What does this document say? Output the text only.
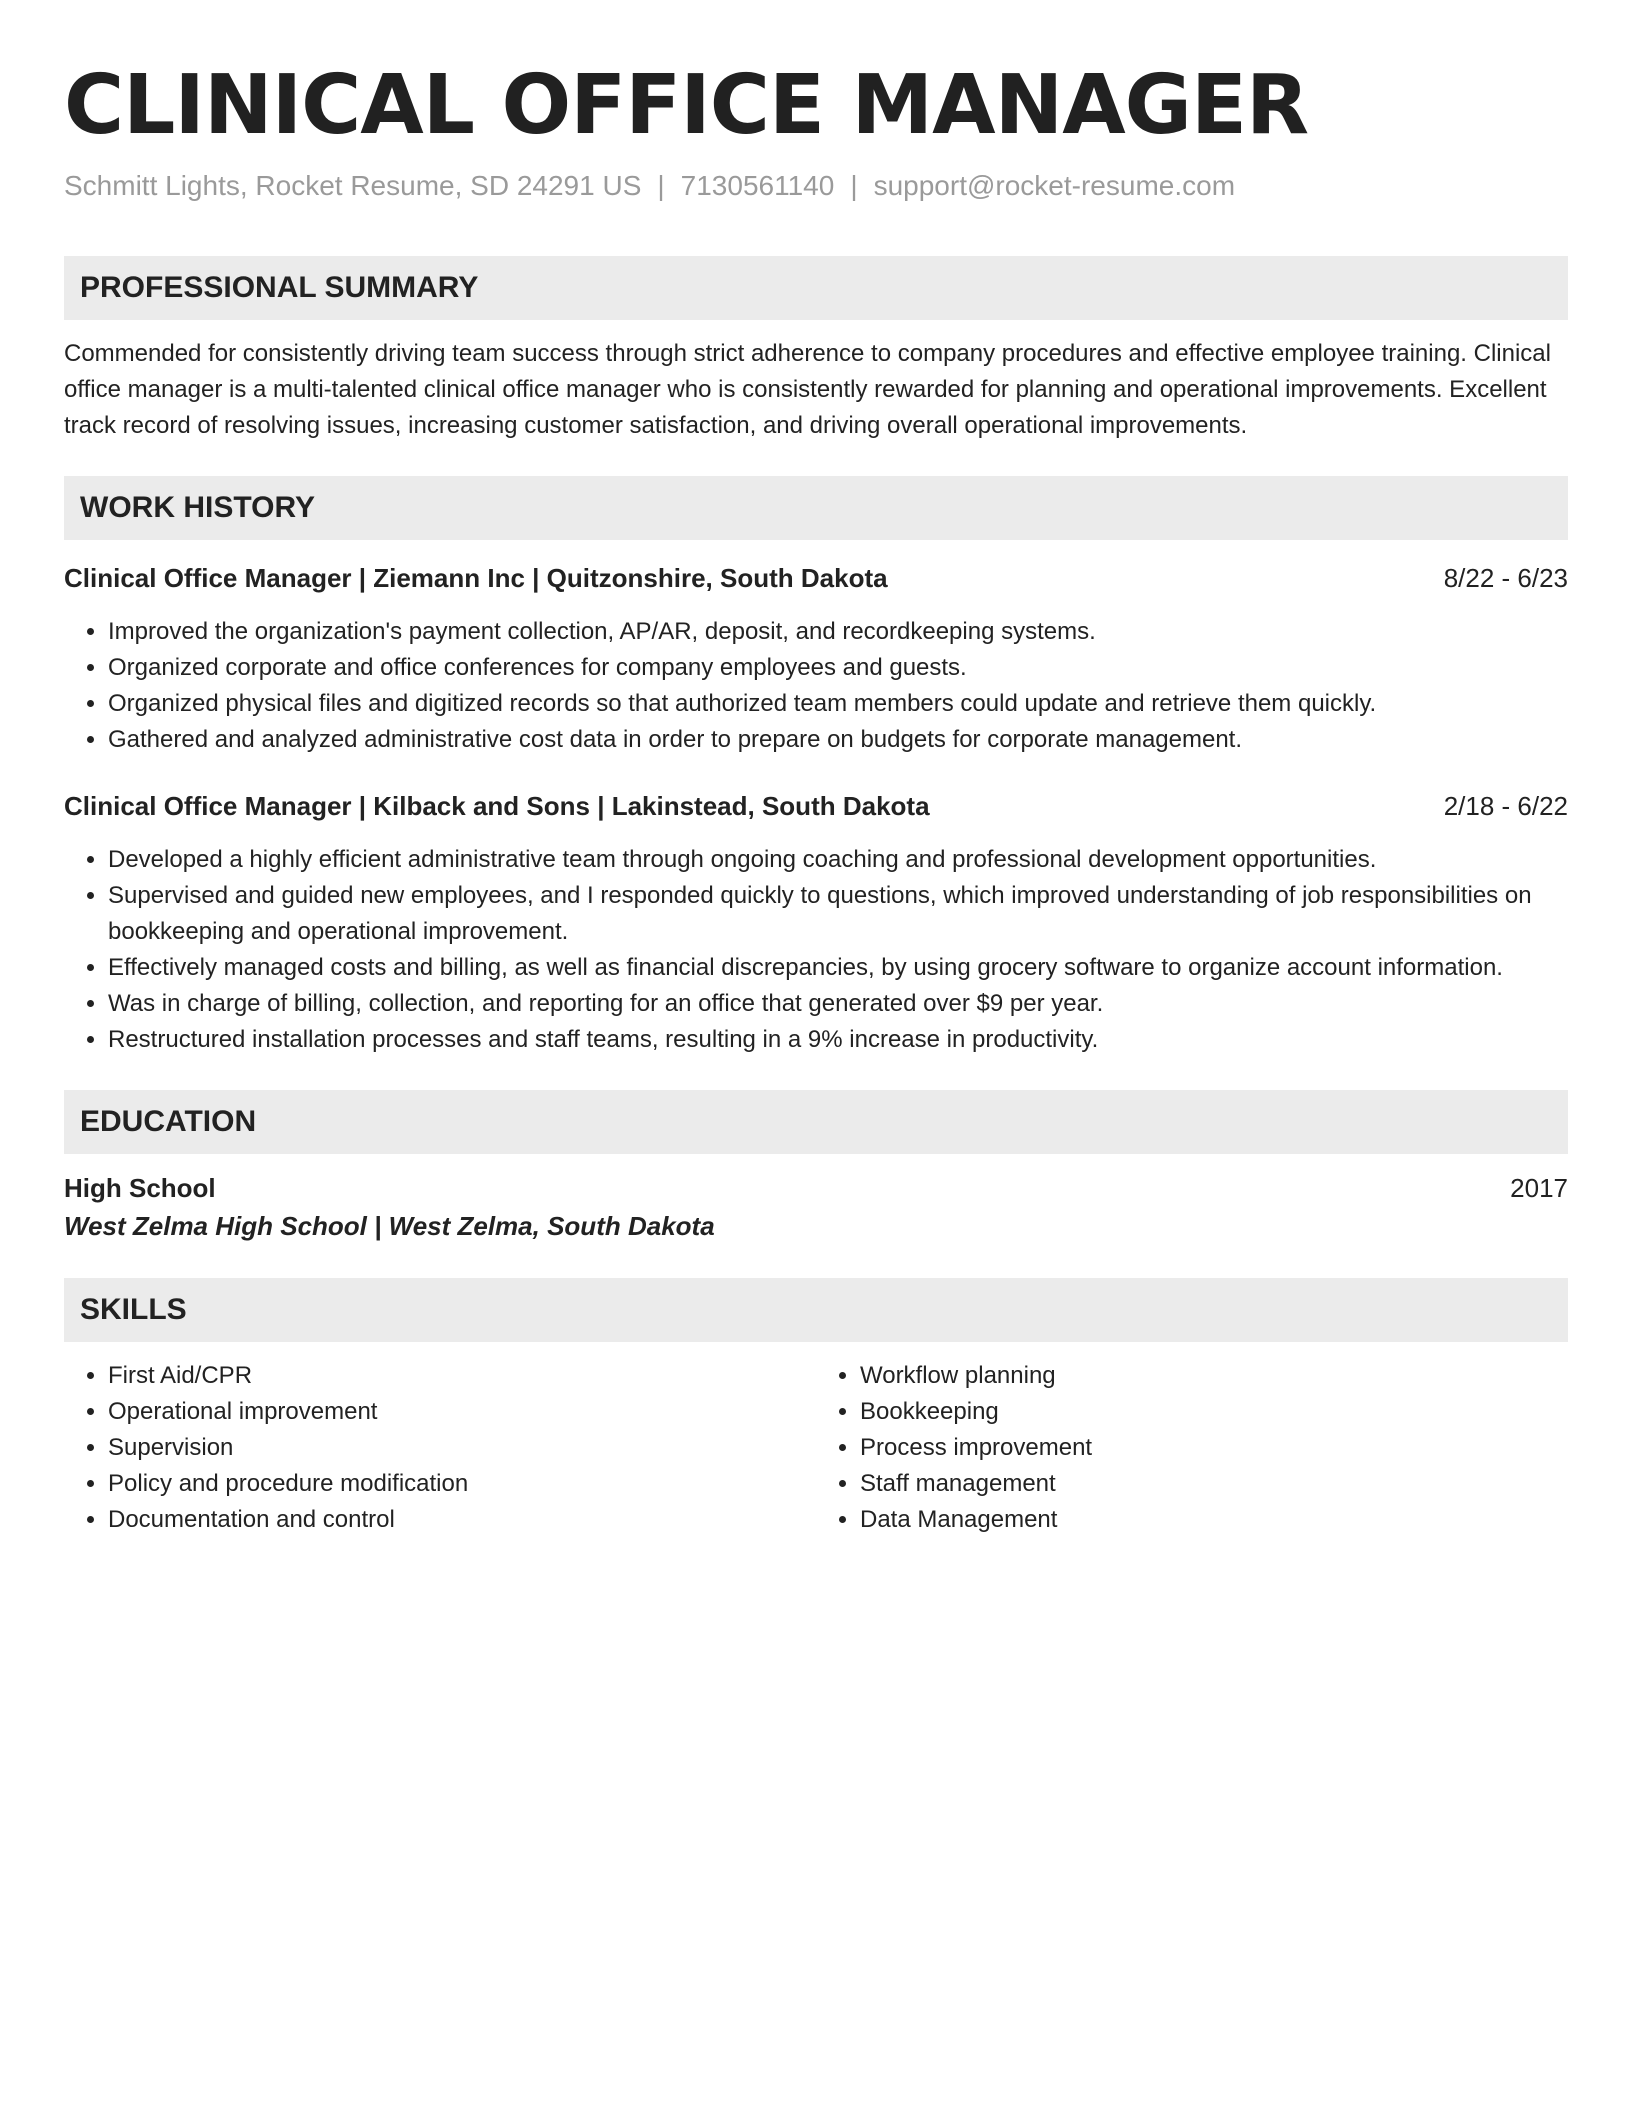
CLINICAL OFFICE MANAGER
Schmitt Lights, Rocket Resume, SD 24291 US | 7130561140 | support@rocket-resume.com
PROFESSIONAL SUMMARY
Commended for consistently driving team success through strict adherence to company procedures and effective employee training. Clinical office manager is a multi-talented clinical office manager who is consistently rewarded for planning and operational improvements. Excellent track record of resolving issues, increasing customer satisfaction, and driving overall operational improvements.
WORK HISTORY
Clinical Office Manager | Ziemann Inc | Quitzonshire, South Dakota	8/22 - 6/23
• Improved the organization's payment collection, AP/AR, deposit, and recordkeeping systems.
• Organized corporate and office conferences for company employees and guests.
• Organized physical files and digitized records so that authorized team members could update and retrieve them quickly.
• Gathered and analyzed administrative cost data in order to prepare on budgets for corporate management.
Clinical Office Manager | Kilback and Sons | Lakinstead, South Dakota	2/18 - 6/22
• Developed a highly efficient administrative team through ongoing coaching and professional development opportunities.
• Supervised and guided new employees, and I responded quickly to questions, which improved understanding of job responsibilities on bookkeeping and operational improvement.
• Effectively managed costs and billing, as well as financial discrepancies, by using grocery software to organize account information.
• Was in charge of billing, collection, and reporting for an office that generated over $9 per year.
• Restructured installation processes and staff teams, resulting in a 9% increase in productivity.
EDUCATION
High School	2017
West Zelma High School | West Zelma, South Dakota
SKILLS
• First Aid/CPR
• Operational improvement
• Supervision
• Policy and procedure modification
• Documentation and control
• Workflow planning
• Bookkeeping
• Process improvement
• Staff management
• Data Management
